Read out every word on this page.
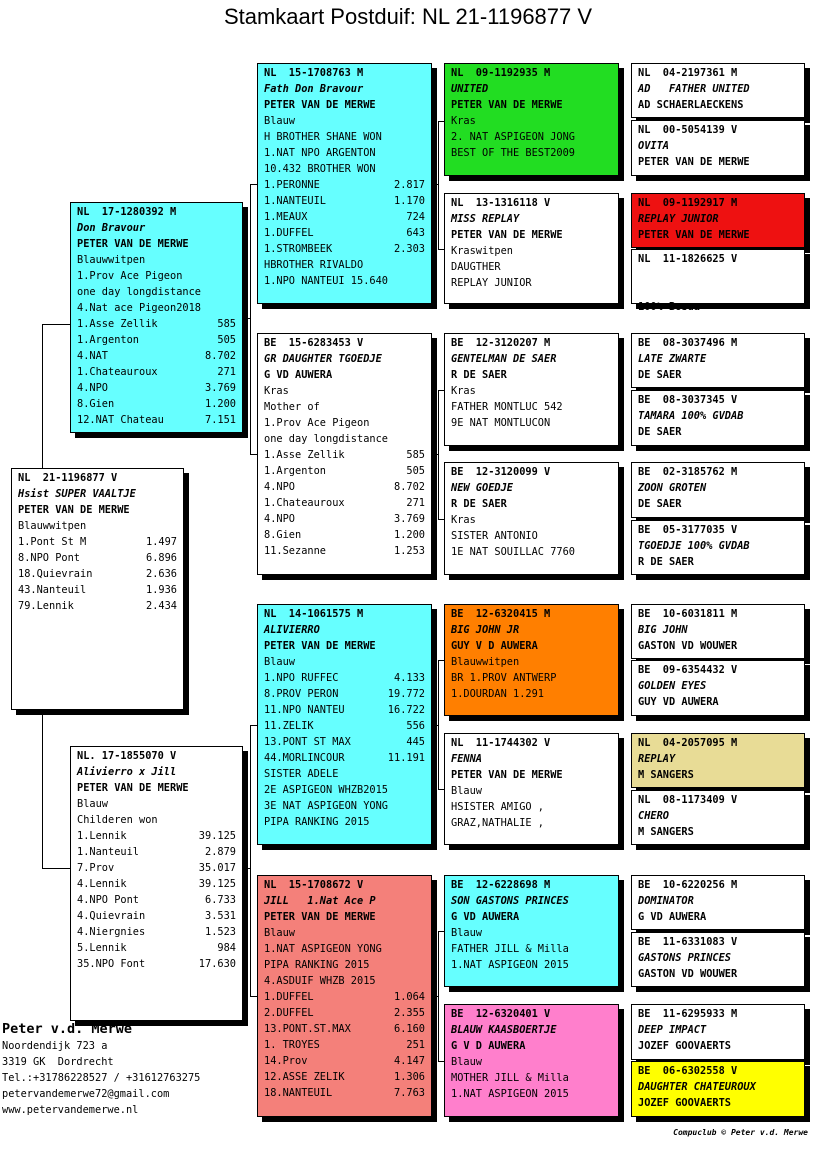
Stamkaart Postduif: NL 21-1196877 V
NL  21-1196877 V
Hsist SUPER VAALTJE
PETER VAN DE MERWE
Blauwwitpen
1.Pont St M	1.497
8.NPO Pont	6.896
18.Quievrain	2.636
43.Nanteuil	1.936
79.Lennik	2.434
NL  17-1280392 M
Don Bravour
PETER VAN DE MERWE
Blauwwitpen
1.Prov Ace Pigeon
one day longdistance
4.Nat ace Pigeon2018
1.Asse Zellik	585
1.Argenton	505
4.NAT	8.702
1.Chateauroux	271
4.NPO	3.769
8.Gien	1.200
12.NAT Chateau	7.151
NL. 17-1855070 V
Alivierro x Jill
PETER VAN DE MERWE
Blauw
Childeren won
1.Lennik	39.125
1.Nanteuil	2.879
7.Prov	35.017
4.Lennik	39.125
4.NPO Pont	6.733
4.Quievrain	3.531
4.Niergnies	1.523
5.Lennik	984
35.NPO Font	17.630
NL  15-1708763 M
Fath Don Bravour
PETER VAN DE MERWE
Blauw
H BROTHER SHANE WON
1.NAT NPO ARGENTON
10.432 BROTHER WON
1.PERONNE	2.817
1.NANTEUIL	1.170
1.MEAUX	724
1.DUFFEL	643
1.STROMBEEK	2.303
HBROTHER RIVALDO
1.NPO NANTEUI 15.640
BE  15-6283453 V
GR DAUGHTER TGOEDJE
G VD AUWERA
Kras
Mother of
1.Prov Ace Pigeon
one day longdistance
1.Asse Zellik	585
1.Argenton	505
4.NPO	8.702
1.Chateauroux	271
4.NPO	3.769
8.Gien	1.200
11.Sezanne	1.253
NL  14-1061575 M
ALIVIERRO
PETER VAN DE MERWE
Blauw
1.NPO RUFFEC	4.133
8.PROV PERON	19.772
11.NPO NANTEU	16.722
11.ZELIK	556
13.PONT ST MAX	445
44.MORLINCOUR	11.191
SISTER ADELE
2E ASPIGEON WHZB2015
3E NAT ASPIGEON YONG
PIPA RANKING 2015
NL  15-1708672 V
JILL   1.Nat Ace P
PETER VAN DE MERWE
Blauw
1.NAT ASPIGEON YONG
PIPA RANKING 2015
4.ASDUIF WHZB 2015
1.DUFFEL	1.064
2.DUFFEL	2.355
13.PONT.ST.MAX	6.160
1. TROYES	251
14.Prov	4.147
12.ASSE ZELIK	1.306
18.NANTEUIL	7.763
NL  09-1192935 M
UNITED
PETER VAN DE MERWE
Kras
2. NAT ASPIGEON JONG
BEST OF THE BEST2009
NL  13-1316118 V
MISS REPLAY
PETER VAN DE MERWE
Kraswitpen
DAUGTHER
REPLAY JUNIOR
BE  12-3120207 M
GENTELMAN DE SAER
R DE SAER
Kras
FATHER MONTLUC 542
9E NAT MONTLUCON
BE  12-3120099 V
NEW GOEDJE
R DE SAER
Kras
SISTER ANTONIO
1E NAT SOUILLAC 7760
BE  12-6320415 M
BIG JOHN JR
GUY V D AUWERA
Blauwwitpen
BR 1.PROV ANTWERP
1.DOURDAN 1.291
NL  11-1744302 V
FENNA
PETER VAN DE MERWE
Blauw
HSISTER AMIGO ,
GRAZ,NATHALIE ,
BE  12-6228698 M
SON GASTONS PRINCES
G VD AUWERA
Blauw
FATHER JILL & Milla
1.NAT ASPIGEON 2015
BE  12-6320401 V
BLAUW KAASBOERTJE
G V D AUWERA
Blauw
MOTHER JILL & Milla
1.NAT ASPIGEON 2015
NL  04-2197361 M
AD   FATHER UNITED
AD SCHAERLAECKENS
NL  00-5054139 V
OVITA
PETER VAN DE MERWE
NL  09-1192917 M
REPLAY JUNIOR
PETER VAN DE MERWE
NL  11-1826625 V
100% Bosua
BE  08-3037496 M
LATE ZWARTE
DE SAER
BE  08-3037345 V
TAMARA 100% GVDAB
DE SAER
BE  02-3185762 M
ZOON GROTEN
DE SAER
BE  05-3177035 V
TGOEDJE 100% GVDAB
R DE SAER
BE  10-6031811 M
BIG JOHN
GASTON VD WOUWER
BE  09-6354432 V
GOLDEN EYES
GUY VD AUWERA
NL  04-2057095 M
REPLAY
M SANGERS
NL  08-1173409 V
CHERO
M SANGERS
BE  10-6220256 M
DOMINATOR
G VD AUWERA
BE  11-6331083 V
GASTONS PRINCES
GASTON VD WOUWER
BE  11-6295933 M
DEEP IMPACT
JOZEF GOOVAERTS
BE  06-6302558 V
DAUGHTER CHATEUROUX
JOZEF GOOVAERTS
Peter v.d. Merwe
Noordendijk 723 a
3319 GK  Dordrecht
Tel.:+31786228527 / +31612763275
petervandemerwe72@gmail.com
www.petervandemerwe.nl
Compuclub © Peter v.d. Merwe
